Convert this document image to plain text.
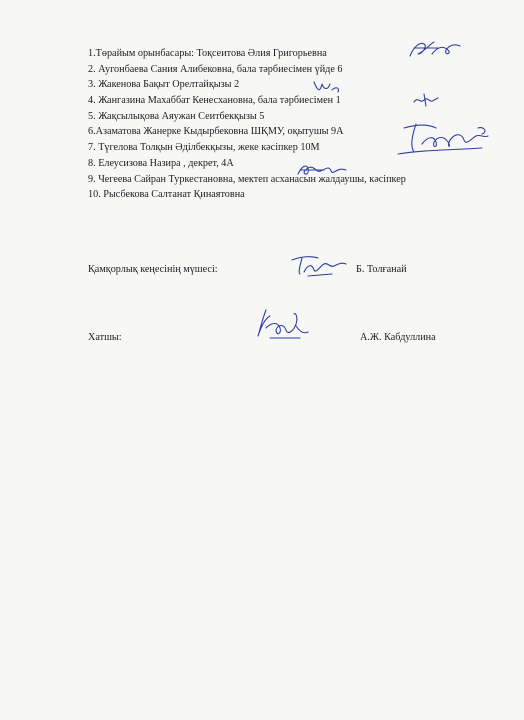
1.Төрайым орынбасары: Тоқсеитова Әлия Григорьевна
2. Аугонбаева Сания Алибековна, бала тәрбиесімен үйде 6
3. Жакенова Бақыт Орелтайқызы 2
4. Жангазина Махаббат Кенесхановна, бала тәрбиесімен 1
5. Жақсылықова Аяужан Сеитбекқызы 5
6.Азаматова Жанерке Кыдырбековна ШҚМУ, оқытушы 9А
7. Түгелова Толқын Әділбекқызы, жеке кәсіпкер 10М
8. Елеусизова Назира , декрет, 4А
9. Чегеева Сайран Туркестановна, мектеп асханасын жалдаушы, кәсіпкер
10. Рысбекова Салтанат Қинаятовна
Қамқорлық кеңесінің мүшесі:	Б. Толғанай
Хатшы:	А.Ж. Кабдуллина
